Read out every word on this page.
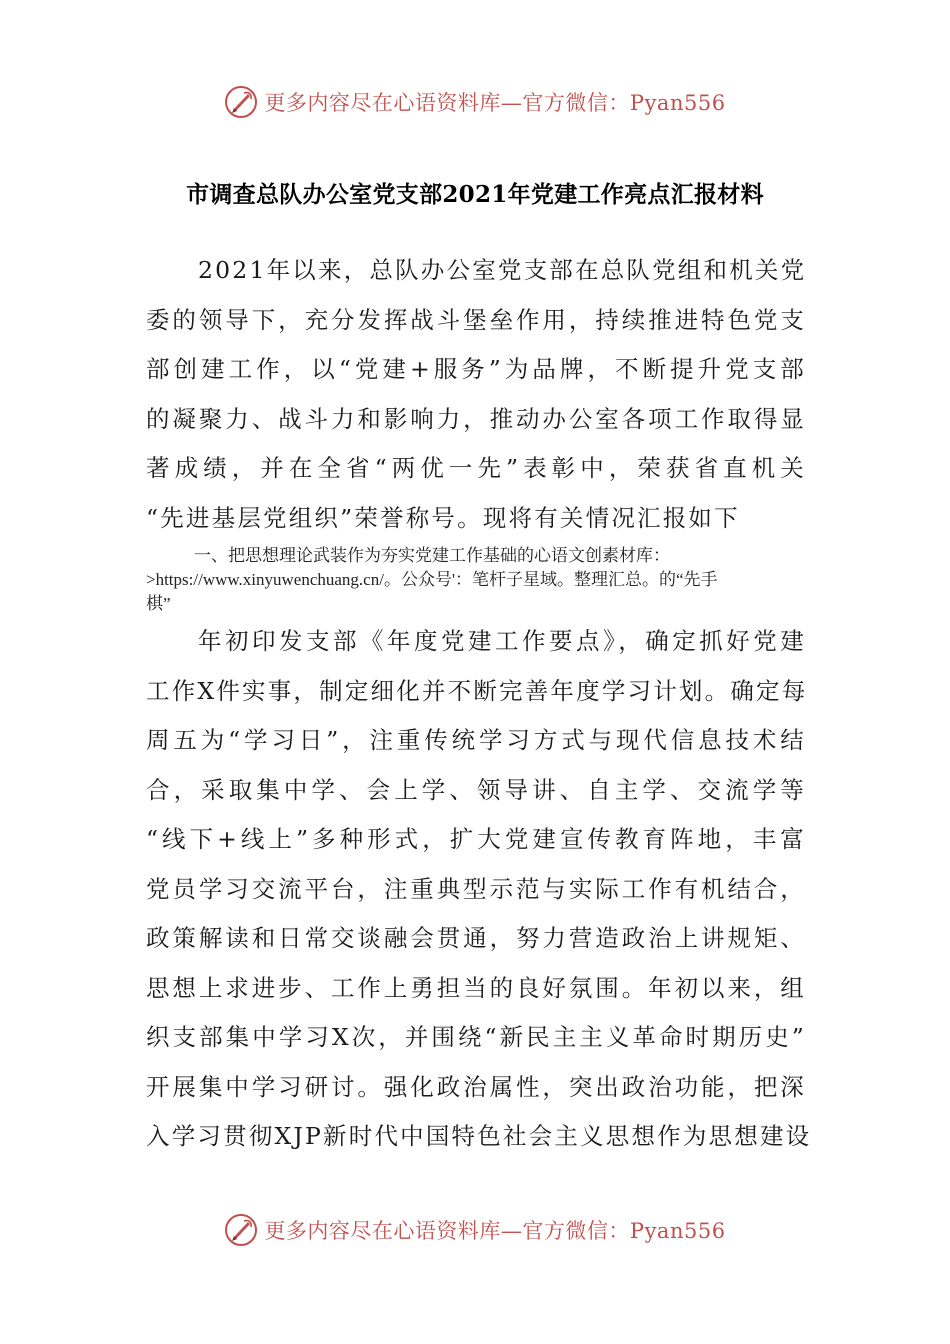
更多内容尽在心语资料库—官方微信：Pyan556
市调查总队办公室党支部2021年党建工作亮点汇报材料
2021年以来，总队办公室党支部在总队党组和机关党
委的领导下，充分发挥战斗堡垒作用，持续推进特色党支
部创建工作，以“党建+服务”为品牌，不断提升党支部
的凝聚力、战斗力和影响力，推动办公室各项工作取得显
著成绩，并在全省“两优一先”表彰中，荣获省直机关
“先进基层党组织”荣誉称号。现将有关情况汇报如下
一、把思想理论武装作为夯实党建工作基础的心语文创素材库：
>https://www.xinyuwenchuang.cn/。公众号'：笔杆子星域。整理汇总。的“先手
棋”
年初印发支部《年度党建工作要点》，确定抓好党建
工作X件实事，制定细化并不断完善年度学习计划。确定每
周五为“学习日”，注重传统学习方式与现代信息技术结
合，采取集中学、会上学、领导讲、自主学、交流学等
“线下+线上”多种形式，扩大党建宣传教育阵地，丰富
党员学习交流平台，注重典型示范与实际工作有机结合，
政策解读和日常交谈融会贯通，努力营造政治上讲规矩、
思想上求进步、工作上勇担当的良好氛围。年初以来，组
织支部集中学习X次，并围绕“新民主主义革命时期历史”
开展集中学习研讨。强化政治属性，突出政治功能，把深
入学习贯彻XJP新时代中国特色社会主义思想作为思想建设
更多内容尽在心语资料库—官方微信：Pyan556
